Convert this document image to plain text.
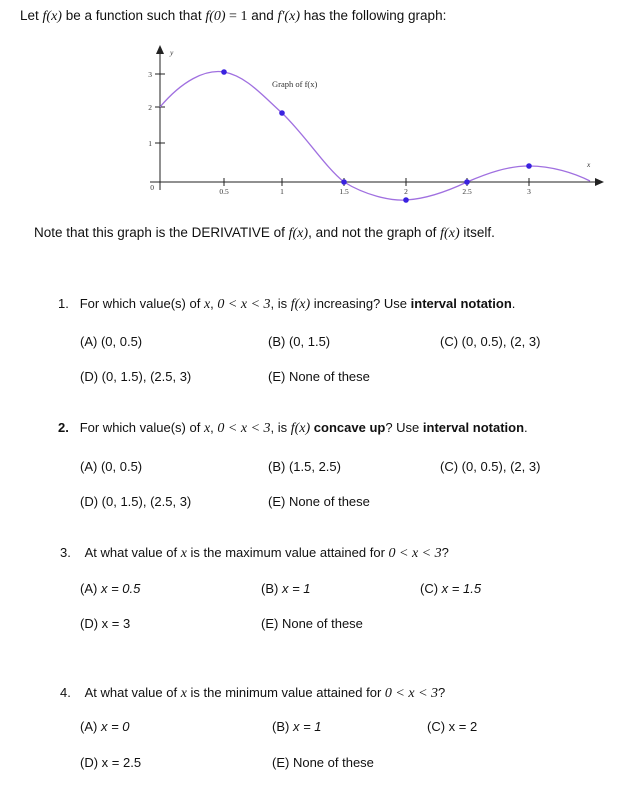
Let f(x) be a function such that f(0) = 1 and f′(x) has the following graph:
0.5	1	1.5	2	2.5	3
3
2
1
0
y
x
Graph of f(x)
Note that this graph is the DERIVATIVE of f(x), and not the graph of f(x) itself.
1. For which value(s) of x, 0 < x < 3, is f(x) increasing? Use interval notation.
(A) (0, 0.5)	(B) (0, 1.5)	(C) (0, 0.5), (2, 3)
(D) (0, 1.5), (2.5, 3)	(E) None of these
2. For which value(s) of x, 0 < x < 3, is f(x) concave up? Use interval notation.
(A) (0, 0.5)	(B) (1.5, 2.5)	(C) (0, 0.5), (2, 3)
(D) (0, 1.5), (2.5, 3)	(E) None of these
3. At what value of x is the maximum value attained for 0 < x < 3?
(A) x = 0.5	(B) x = 1	(C) x = 1.5
(D) x = 3	(E) None of these
4. At what value of x is the minimum value attained for 0 < x < 3?
(A) x = 0	(B) x = 1	(C) x = 2
(D) x = 2.5	(E) None of these
